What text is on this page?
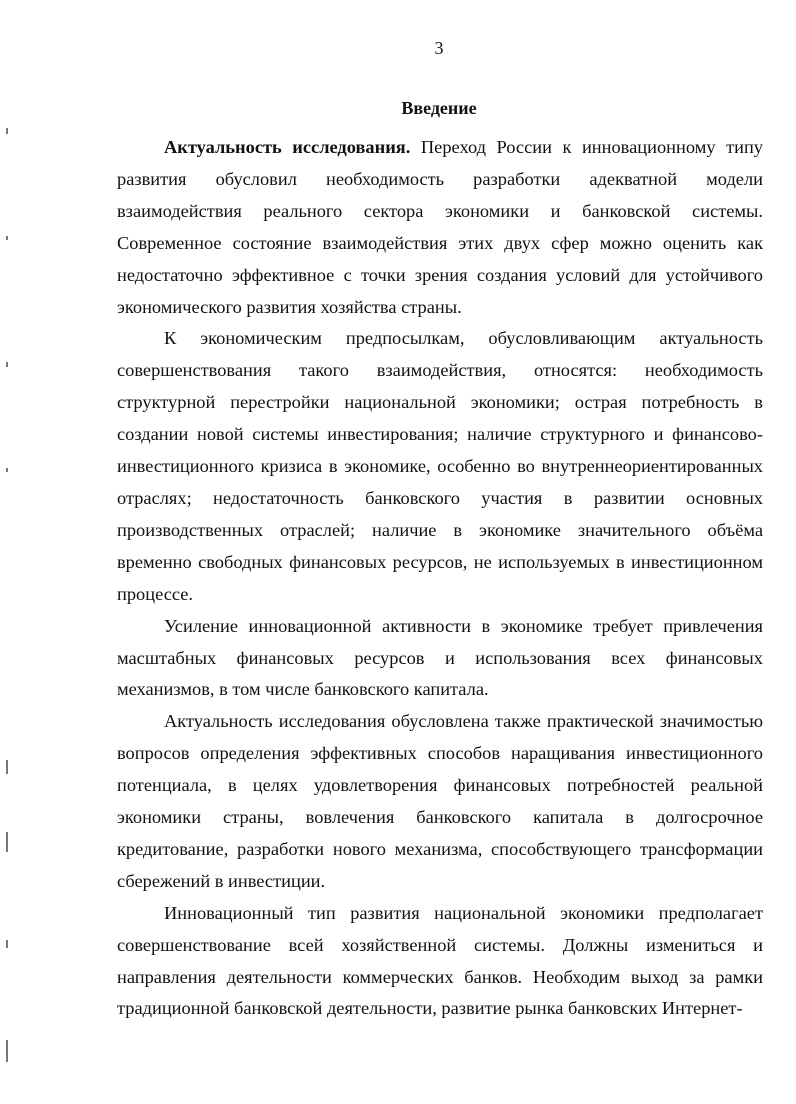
3
Введение

Актуальность исследования. Переход России к инновационному типу развития обусловил необходимость разработки адекватной модели взаимодействия реального сектора экономики и банковской системы. Современное состояние взаимодействия этих двух сфер можно оценить как недостаточно эффективное с точки зрения создания условий для устойчивого экономического развития хозяйства страны.

К экономическим предпосылкам, обусловливающим актуальность совершенствования такого взаимодействия, относятся: необходимость структурной перестройки национальной экономики; острая потребность в создании новой системы инвестирования; наличие структурного и финансово-инвестиционного кризиса в экономике, особенно во внутреннеориентированных отраслях; недостаточность банковского участия в развитии основных производственных отраслей; наличие в экономике значительного объёма временно свободных финансовых ресурсов, не используемых в инвестиционном процессе.

Усиление инновационной активности в экономике требует привлечения масштабных финансовых ресурсов и использования всех финансовых механизмов, в том числе банковского капитала.

Актуальность исследования обусловлена также практической значимостью вопросов определения эффективных способов наращивания инвестиционного потенциала, в целях удовлетворения финансовых потребностей реальной экономики страны, вовлечения банковского капитала в долгосрочное кредитование, разработки нового механизма, способствующего трансформации сбережений в инвестиции.

Инновационный тип развития национальной экономики предполагает совершенствование всей хозяйственной системы. Должны измениться и направления деятельности коммерческих банков. Необходим выход за рамки традиционной банковской деятельности, развитие рынка банковских Интернет-
